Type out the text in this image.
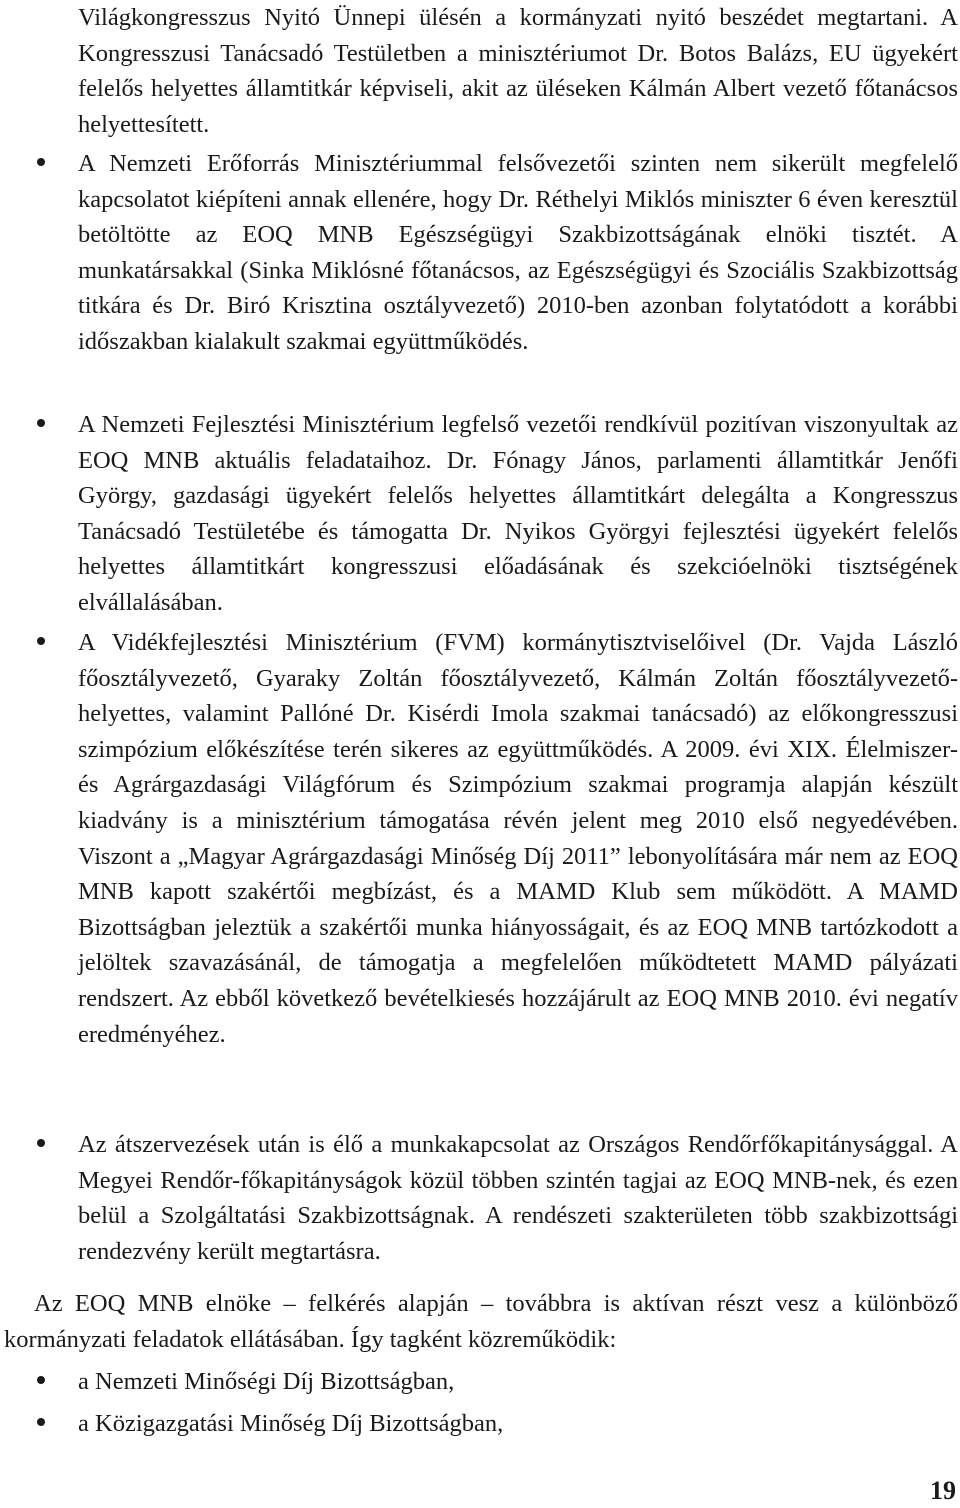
Világkongresszus Nyitó Ünnepi ülésén a kormányzati nyitó beszédet megtartani. A Kongresszusi Tanácsadó Testületben a minisztériumot Dr. Botos Balázs, EU ügyekért felelős helyettes államtitkár képviseli, akit az üléseken Kálmán Albert vezető főtanácsos helyettesített.

A Nemzeti Erőforrás Minisztériummal felsővezetői szinten nem sikerült megfelelő kapcsolatot kiépíteni annak ellenére, hogy Dr. Réthelyi Miklós miniszter 6 éven keresztül betöltötte az EOQ MNB Egészségügyi Szakbizottságának elnöki tisztét. A munkatársakkal (Sinka Miklósné főtanácsos, az Egészségügyi és Szociális Szakbizottság titkára és Dr. Biró Krisztina osztályvezető) 2010-ben azonban folytatódott a korábbi időszakban kialakult szakmai együttműködés.

A Nemzeti Fejlesztési Minisztérium legfelső vezetői rendkívül pozitívan viszonyultak az EOQ MNB aktuális feladataihoz. Dr. Fónagy János, parlamenti államtitkár Jenőfi György, gazdasági ügyekért felelős helyettes államtitkárt delegálta a Kongresszus Tanácsadó Testületébe és támogatta Dr. Nyikos Györgyi fejlesztési ügyekért felelős helyettes államtitkárt kongresszusi előadásának és szekcióelnöki tisztségének elvállalásában.

A Vidékfejlesztési Minisztérium (FVM) kormánytisztviselőivel (Dr. Vajda László főosztályvezető, Gyaraky Zoltán főosztályvezető, Kálmán Zoltán főosztályvezető-helyettes, valamint Pallóné Dr. Kisérdi Imola szakmai tanácsadó) az előkongresszusi szimpózium előkészítése terén sikeres az együttműködés. A 2009. évi XIX. Élelmiszer- és Agrárgazdasági Világfórum és Szimpózium szakmai programja alapján készült kiadvány is a minisztérium támogatása révén jelent meg 2010 első negyedévében. Viszont a „Magyar Agrárgazdasági Minőség Díj 2011” lebonyolítására már nem az EOQ MNB kapott szakértői megbízást, és a MAMD Klub sem működött. A MAMD Bizottságban jeleztük a szakértői munka hiányosságait, és az EOQ MNB tartózkodott a jelöltek szavazásánál, de támogatja a megfelelően működtetett MAMD pályázati rendszert. Az ebből következő bevételkiesés hozzájárult az EOQ MNB 2010. évi negatív eredményéhez.

Az átszervezések után is élő a munkakapcsolat az Országos Rendőrfőkapitánysággal. A Megyei Rendőr-főkapitányságok közül többen szintén tagjai az EOQ MNB-nek, és ezen belül a Szolgáltatási Szakbizottságnak. A rendészeti szakterületen több szakbizottsági rendezvény került megtartásra.

Az EOQ MNB elnöke – felkérés alapján – továbbra is aktívan részt vesz a különböző kormányzati feladatok ellátásában. Így tagként közreműködik:

a Nemzeti Minőségi Díj Bizottságban,

a Közigazgatási Minőség Díj Bizottságban,

19
